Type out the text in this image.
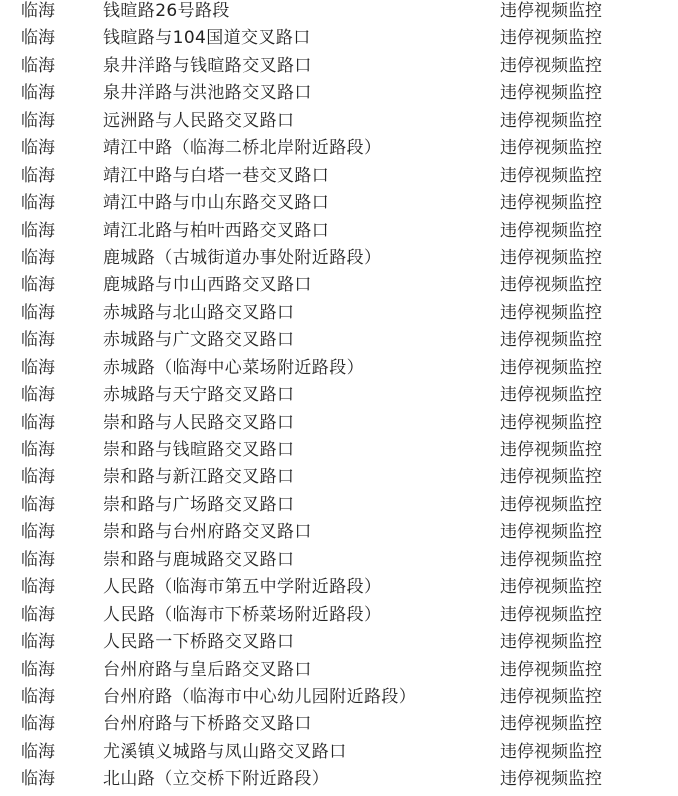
临海	钱暄路26号路段	违停视频监控
临海	钱暄路与104国道交叉路口	违停视频监控
临海	泉井洋路与钱暄路交叉路口	违停视频监控
临海	泉井洋路与洪池路交叉路口	违停视频监控
临海	远洲路与人民路交叉路口	违停视频监控
临海	靖江中路（临海二桥北岸附近路段）	违停视频监控
临海	靖江中路与白塔一巷交叉路口	违停视频监控
临海	靖江中路与巾山东路交叉路口	违停视频监控
临海	靖江北路与柏叶西路交叉路口	违停视频监控
临海	鹿城路（古城街道办事处附近路段）	违停视频监控
临海	鹿城路与巾山西路交叉路口	违停视频监控
临海	赤城路与北山路交叉路口	违停视频监控
临海	赤城路与广文路交叉路口	违停视频监控
临海	赤城路（临海中心菜场附近路段）	违停视频监控
临海	赤城路与天宁路交叉路口	违停视频监控
临海	崇和路与人民路交叉路口	违停视频监控
临海	崇和路与钱暄路交叉路口	违停视频监控
临海	崇和路与新江路交叉路口	违停视频监控
临海	崇和路与广场路交叉路口	违停视频监控
临海	崇和路与台州府路交叉路口	违停视频监控
临海	崇和路与鹿城路交叉路口	违停视频监控
临海	人民路（临海市第五中学附近路段）	违停视频监控
临海	人民路（临海市下桥菜场附近路段）	违停视频监控
临海	人民路一下桥路交叉路口	违停视频监控
临海	台州府路与皇后路交叉路口	违停视频监控
临海	台州府路（临海市中心幼儿园附近路段）	违停视频监控
临海	台州府路与下桥路交叉路口	违停视频监控
临海	尤溪镇义城路与凤山路交叉路口	违停视频监控
临海	北山路（立交桥下附近路段）	违停视频监控
